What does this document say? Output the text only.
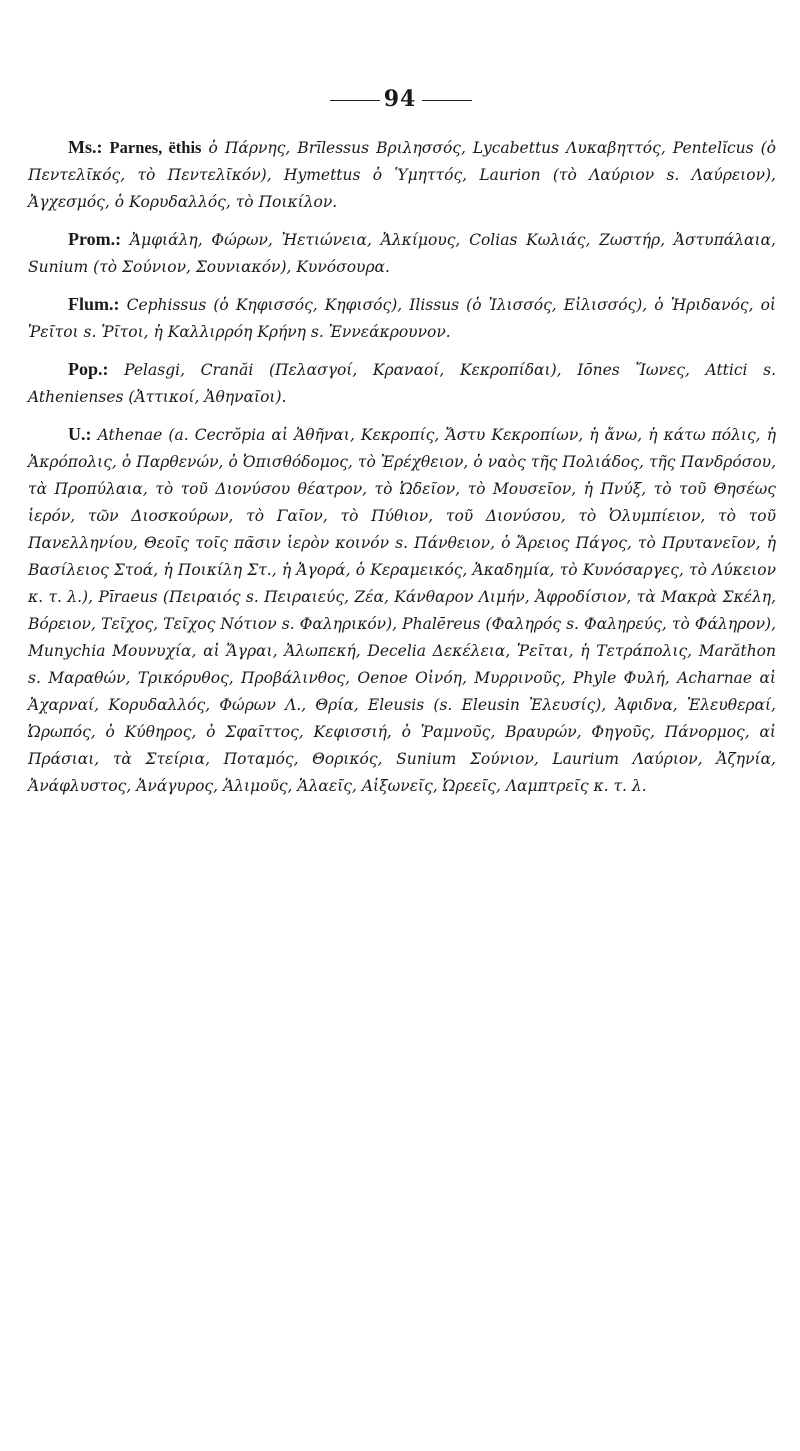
94

Ms.: Parnes, ëthis ὁ Πάρνης, Brīlessus Βριλησσός, Lycabettus Λυκαβηττός, Pentelĭcus (ὁ Πεντελῖκός, τὸ Πεντελῖκόν), Hymettus ὁ Ὑμηττός, Laurion (τὸ Λαύριον s. Λαύρειον), Ἀγχεσμός, ὁ Κορυδαλλός, τὸ Ποικίλον.

Prom.: Ἀμφιάλη, Φώρων, Ἠετιώνεια, Ἀλκίμους, Colias Κωλιάς, Ζωστήρ, Ἀστυπάλαια, Sunium (τὸ Σούνιον, Σουνιακόν), Κυνόσουρα.

Flum.: Cephissus (ὁ Κηφισσός, Κηφισός), Ilissus (ὁ Ἰλισσός, Εἰλισσός), ὁ Ἠριδανός, οἱ Ῥεῖτοι s. Ῥῖτοι, ἡ Καλλιρρόη Κρήνη s. Ἐννεάκρουνον.

Pop.: Pelasgi, Cranăi (Πελασγοί, Κραναοί, Κεκροπίδαι), Iōnes Ἴωνες, Attici s. Athenienses (Ἀττικοί, Ἀθηναῖοι).

U.: Athenae (a. Cecrŏpia αἱ Ἀθῆναι, Κεκροπίς, Ἄστυ Κεκροπίων, ἡ ἄνω, ἡ κάτω πόλις, ἡ Ἀκρόπολις, ὁ Παρθενών, ὁ Ὀπισθόδομος, τὸ Ἐρέχθειον, ὁ ναὸς τῆς Πολιάδος, τῆς Πανδρόσου, τὰ Προπύλαια, τὸ τοῦ Διονύσου θέατρον, τὸ Ὠδεῖον, τὸ Μουσεῖον, ἡ Πνύξ, τὸ τοῦ Θησέως ἱερόν, τῶν Διοσκούρων, τὸ Γαῖον, τὸ Πύθιον, τοῦ Διονύσου, τὸ Ὀλυμπίειον, τὸ τοῦ Πανελληνίου, Θεοῖς τοῖς πᾶσιν ἱερὸν κοινόν s. Πάνθειον, ὁ Ἄρειος Πάγος, τὸ Πρυτανεῖον, ἡ Βασίλειος Στοά, ἡ Ποικίλη Στ., ἡ Ἀγορά, ὁ Κεραμεικός, Ἀκαδημία, τὸ Κυνόσαργες, τὸ Λύκειον κ. τ. λ.), Pīraeus (Πειραιός s. Πειραιεύς, Ζέα, Κάνθαρον Λιμήν, Ἀφροδίσιον, τὰ Μακρὰ Σκέλη, Βόρειον, Τεῖχος, Τεῖχος Νότιον s. Φαληρικόν), Phalēreus (Φαληρός s. Φαληρεύς, τὸ Φάληρον), Munychia Μουνυχία, αἱ Ἄγραι, Ἀλωπεκή, Decelia Δεκέλεια, Ῥεῖται, ἡ Τετράπολις, Marăthon s. Μαραθών, Τρικόρυθος, Προβάλινθος, Oenoe Οἰνόη, Μυρρινοῦς, Phyle Φυλή, Acharnae αἱ Ἀχαρναί, Κορυδαλλός, Φώρων Λ., Θρία, Eleusis (s. Eleusin Ἐλευσίς), Ἀφιδνα, Ἐλευθεραί, Ὠρωπός, ὁ Κύθηρος, ὁ Σφαῖττος, Κεφισσιή, ὁ Ῥαμνοῦς, Βραυρών, Φηγοῦς, Πάνορμος, αἱ Πράσιαι, τὰ Στείρια, Ποταμός, Θορικός, Sunium Σούνιον, Laurium Λαύριον, Ἀζηνία, Ἀνάφλυστος, Ἀνάγυρος, Ἁλιμοῦς, Ἁλαεῖς, Αἰξωνεῖς, Ὠρεεῖς, Λαμπτρεῖς κ. τ. λ.
